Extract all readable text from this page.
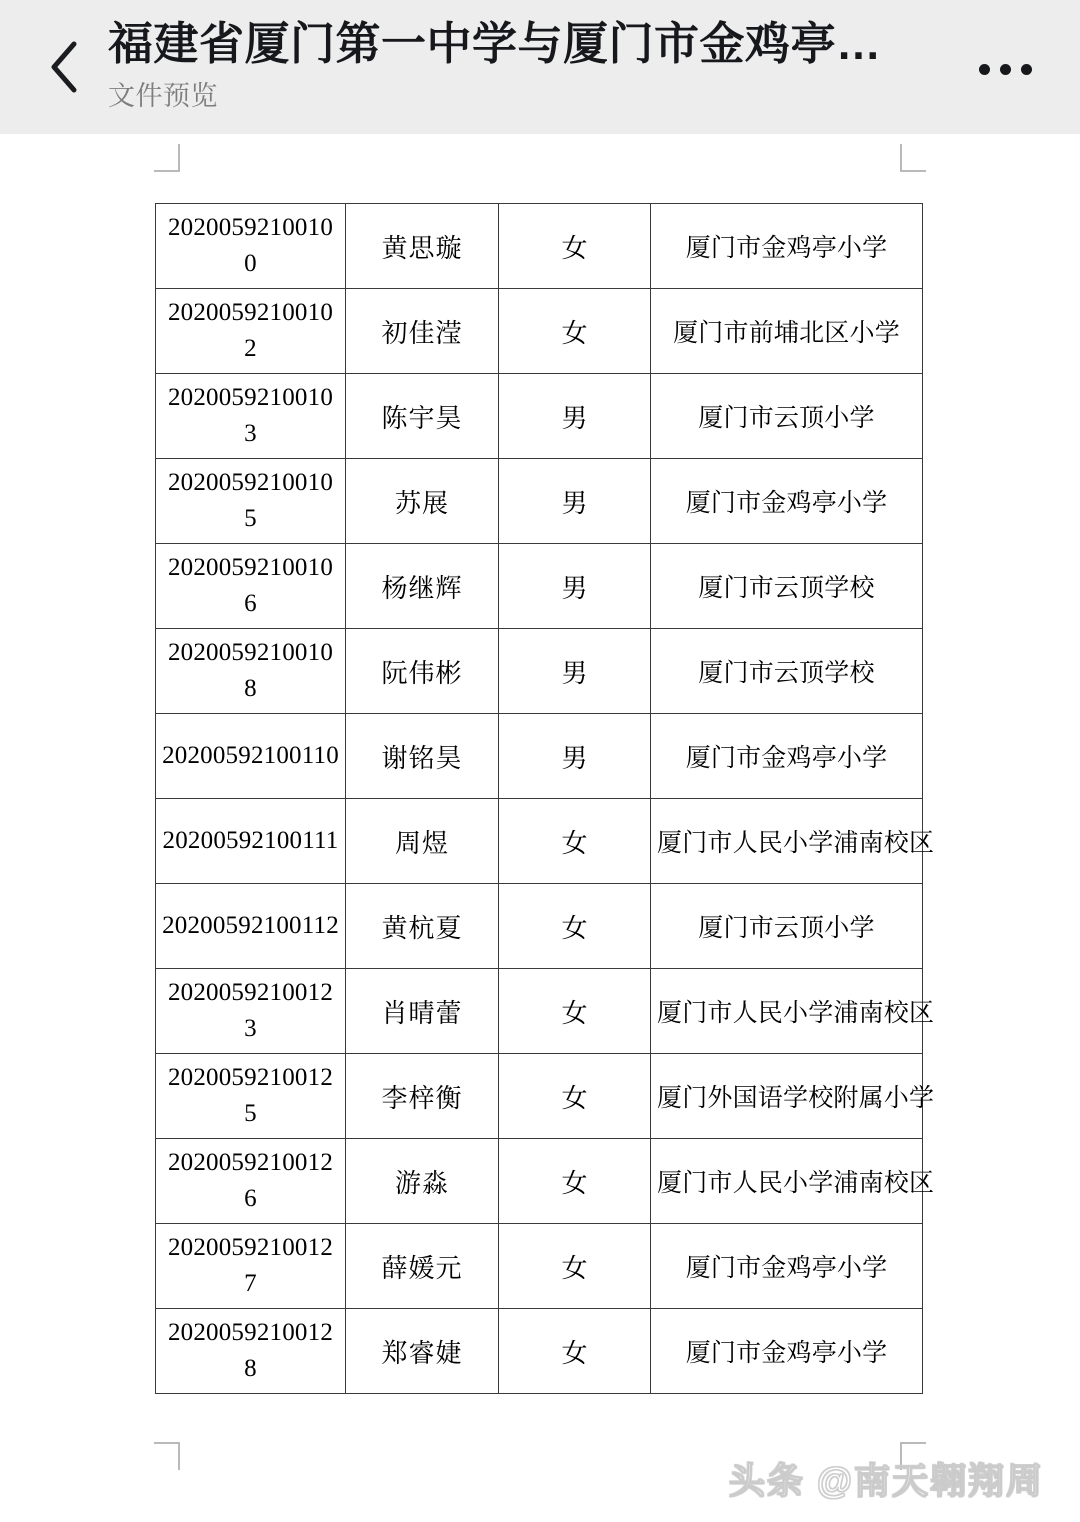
福建省厦门第一中学与厦门市金鸡亭…
文件预览
20200592100100	黄思璇	女	厦门市金鸡亭小学

20200592100102	初佳滢	女	厦门市前埔北区小学

20200592100103	陈宇昊	男	厦门市云顶小学

20200592100105	苏展	男	厦门市金鸡亭小学

20200592100106	杨继辉	男	厦门市云顶学校

20200592100108	阮伟彬	男	厦门市云顶学校

20200592100110	谢铭昊	男	厦门市金鸡亭小学

20200592100111	周煜	女	厦门市人民小学浦南校区

20200592100112	黄杭夏	女	厦门市云顶小学

20200592100123	肖晴蕾	女	厦门市人民小学浦南校区

20200592100125	李梓衡	女	厦门外国语学校附属小学

20200592100126	游淼	女	厦门市人民小学浦南校区

20200592100127	薛媛元	女	厦门市金鸡亭小学

20200592100128	郑睿婕	女	厦门市金鸡亭小学
头条 @南天翱翔周
